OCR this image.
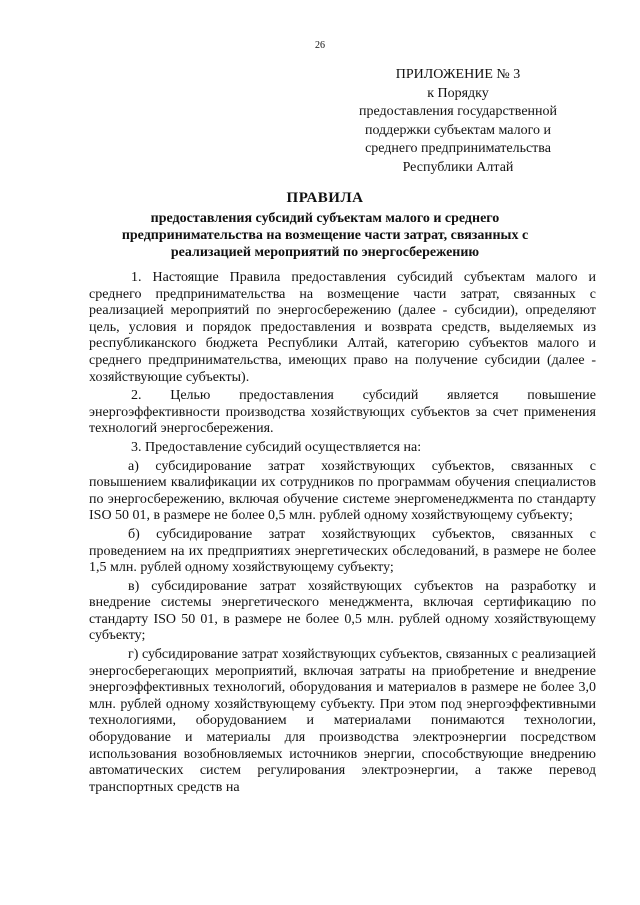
26
ПРИЛОЖЕНИЕ № 3
к Порядку
предоставления государственной
поддержки субъектам малого и
среднего предпринимательства
Республики Алтай
ПРАВИЛА
предоставления субсидий субъектам малого и среднего предпринимательства на возмещение части затрат, связанных с реализацией мероприятий по энергосбережению

1. Настоящие Правила предоставления субсидий субъектам малого и среднего предпринимательства на возмещение части затрат, связанных с реализацией мероприятий по энергосбережению (далее - субсидии), определяют цель, условия и порядок предоставления и возврата средств, выделяемых из республиканского бюджета Республики Алтай, категорию субъектов малого и среднего предпринимательства, имеющих право на получение субсидии (далее - хозяйствующие субъекты).

2. Целью предоставления субсидий является повышение энергоэффективности производства хозяйствующих субъектов за счет применения технологий энергосбережения.

3. Предоставление субсидий осуществляется на:

а) субсидирование затрат хозяйствующих субъектов, связанных с повышением квалификации их сотрудников по программам обучения специалистов по энергосбережению, включая обучение системе энергоменеджмента по стандарту ISO 50 01, в размере не более 0,5 млн. рублей одному хозяйствующему субъекту;

б) субсидирование затрат хозяйствующих субъектов, связанных с проведением на их предприятиях энергетических обследований, в размере не более 1,5 млн. рублей одному хозяйствующему субъекту;

в) субсидирование затрат хозяйствующих субъектов на разработку и внедрение системы энергетического менеджмента, включая сертификацию по стандарту ISO 50 01, в размере не более 0,5 млн. рублей одному хозяйствующему субъекту;

г) субсидирование затрат хозяйствующих субъектов, связанных с реализацией энергосберегающих мероприятий, включая затраты на приобретение и внедрение энергоэффективных технологий, оборудования и материалов в размере не более 3,0 млн. рублей одному хозяйствующему субъекту. При этом под энергоэффективными технологиями, оборудованием и материалами понимаются технологии, оборудование и материалы для производства электроэнергии посредством использования возобновляемых источников энергии, способствующие внедрению автоматических систем регулирования электроэнергии, а также перевод транспортных средств на
